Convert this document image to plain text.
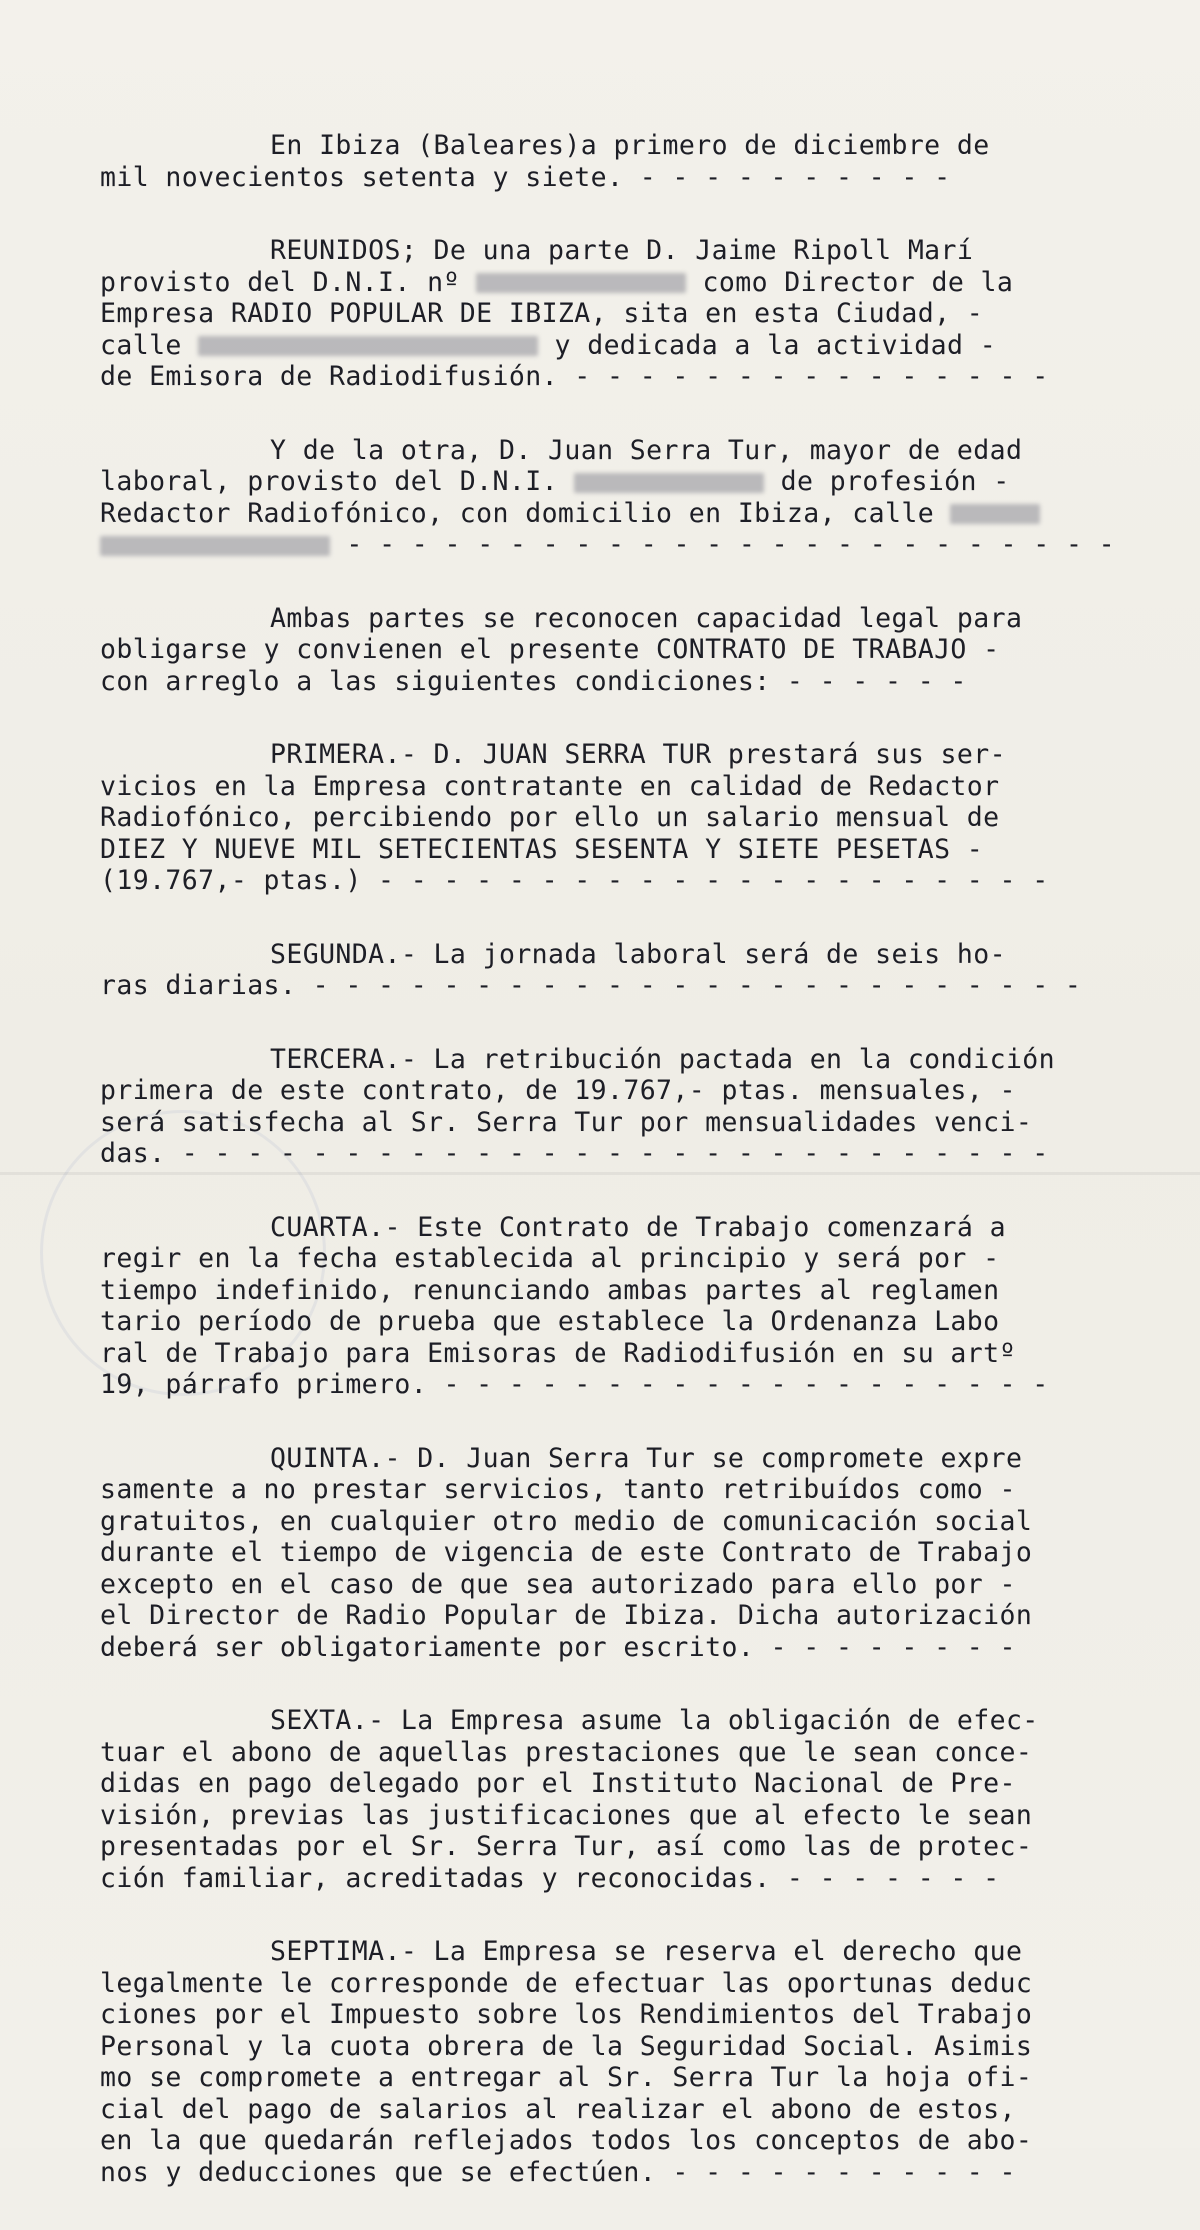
En Ibiza (Baleares)a primero de diciembre de
mil novecientos setenta y siete. - - - - - - - - - -
REUNIDOS; De una parte D. Jaime Ripoll Marí
provisto del D.N.I. nº	como Director de la
Empresa RADIO POPULAR DE IBIZA, sita en esta Ciudad, -
calle	y dedicada a la actividad -
de Emisora de Radiodifusión. - - - - - - - - - - - - - - -
Y de la otra, D. Juan Serra Tur, mayor de edad
laboral, provisto del D.N.I.	de profesión -
Redactor Radiofónico, con domicilio en Ibiza, calle
- - - - - - - - - - - - - - - - - - - - - - - -
Ambas partes se reconocen capacidad legal para
obligarse y convienen el presente CONTRATO DE TRABAJO -
con arreglo a las siguientes condiciones: - - - - - -
PRIMERA.- D. JUAN SERRA TUR prestará sus ser-
vicios en la Empresa contratante en calidad de Redactor
Radiofónico, percibiendo por ello un salario mensual de
DIEZ Y NUEVE MIL SETECIENTAS SESENTA Y SIETE PESETAS -
(19.767,- ptas.) - - - - - - - - - - - - - - - - - - - - -
SEGUNDA.- La jornada laboral será de seis ho-
ras diarias. - - - - - - - - - - - - - - - - - - - - - - - -
TERCERA.- La retribución pactada en la condición
primera de este contrato, de 19.767,- ptas. mensuales, -
será satisfecha al Sr. Serra Tur por mensualidades venci-
das. - - - - - - - - - - - - - - - - - - - - - - - - - - -
CUARTA.- Este Contrato de Trabajo comenzará a
regir en la fecha establecida al principio y será por -
tiempo indefinido, renunciando ambas partes al reglamen
tario período de prueba que establece la Ordenanza Labo
ral de Trabajo para Emisoras de Radiodifusión en su artº
19, párrafo primero. - - - - - - - - - - - - - - - - - - -
QUINTA.- D. Juan Serra Tur se compromete expre
samente a no prestar servicios, tanto retribuídos como -
gratuitos, en cualquier otro medio de comunicación social
durante el tiempo de vigencia de este Contrato de Trabajo
excepto en el caso de que sea autorizado para ello por -
el Director de Radio Popular de Ibiza. Dicha autorización
deberá ser obligatoriamente por escrito. - - - - - - - -
SEXTA.- La Empresa asume la obligación de efec-
tuar el abono de aquellas prestaciones que le sean conce-
didas en pago delegado por el Instituto Nacional de Pre-
visión, previas las justificaciones que al efecto le sean
presentadas por el Sr. Serra Tur, así como las de protec-
ción familiar, acreditadas y reconocidas. - - - - - - -
SEPTIMA.- La Empresa se reserva el derecho que
legalmente le corresponde de efectuar las oportunas deduc
ciones por el Impuesto sobre los Rendimientos del Trabajo
Personal y la cuota obrera de la Seguridad Social. Asimis
mo se compromete a entregar al Sr. Serra Tur la hoja ofi-
cial del pago de salarios al realizar el abono de estos,
en la que quedarán reflejados todos los conceptos de abo-
nos y deducciones que se efectúen. - - - - - - - - - - -
